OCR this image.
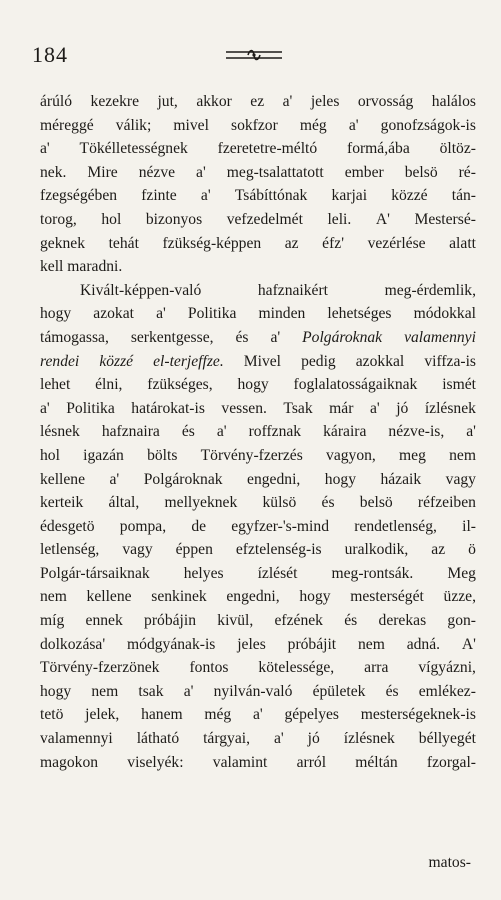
184
árúló kezekre jut, akkor ez a' jeles orvosság halálos
méreggé válik; mivel sokfzor még a' gonofzságok-is
a' Tökélletességnek fzeretetre-méltó formá,ába öltöz-
nek. Mire nézve a' meg-tsalattatott ember belsö ré-
fzegségében fzinte a' Tsábíttónak karjai közzé tán-
torog, hol bizonyos vefzedelmét leli. A' Mestersé-
geknek tehát fzükség-képpen az éfz' vezérlése alatt
kell maradni.
Kivált-képpen-való	hafznaikért	meg-érdemlik,
hogy azokat a' Politika minden lehetséges módokkal
támogassa, serkentgesse, és a' Polgároknak valamennyi
rendei közzé el-terjeffze. Mivel pedig azokkal viffza-is
lehet élni, fzükséges, hogy foglalatosságaiknak ismét
a' Politika határokat-is vessen. Tsak már a' jó ízlésnek
lésnek hafznaira és a' roffznak káraira nézve-is, a'
hol igazán bölts Törvény-fzerzés vagyon, meg nem
kellene a' Polgároknak engedni, hogy házaik vagy
kerteik által, mellyeknek külsö és belsö réfzeiben
édesgetö pompa, de egyfzer-'s-mind rendetlenség, il-
letlenség, vagy éppen efztelenség-is uralkodik, az ö
Polgár-társaiknak helyes ízlését meg-rontsák. Meg
nem kellene senkinek engedni, hogy mesterségét üzze,
míg ennek próbájin kivül, efzének és derekas gon-
dolkozása' módgyának-is jeles próbájit nem adná. A'
Törvény-fzerzönek fontos kötelessége, arra vígyázni,
hogy nem tsak a' nyilván-való épületek és emlékez-
tetö jelek, hanem még a' gépelyes mesterségeknek-is
valamennyi látható tárgyai, a' jó ízlésnek béllyegét
magokon viselyék: valamint arról méltán fzorgal-
matos-
